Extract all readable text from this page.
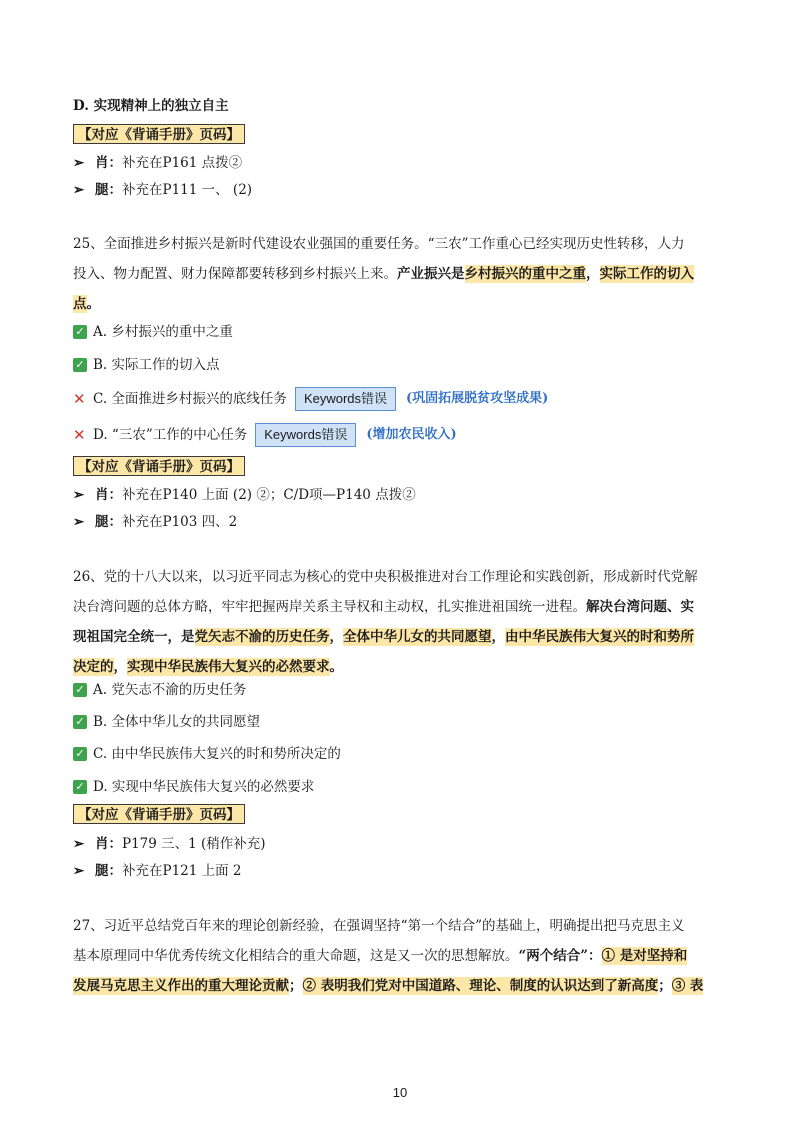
D. 实现精神上的独立自主
【对应《背诵手册》页码】
➢ 肖：补充在P161 点拨②
➢ 腿：补充在P111 一、 (2)
25、全面推进乡村振兴是新时代建设农业强国的重要任务。“三农”工作重心已经实现历史性转移，人力
投入、物力配置、财力保障都要转移到乡村振兴上来。产业振兴是乡村振兴的重中之重，实际工作的切入
点。
✓ A. 乡村振兴的重中之重
✓ B. 实际工作的切入点
✕ C. 全面推进乡村振兴的底线任务	Keywords错误	(巩固拓展脱贫攻坚成果)
✕ D. “三农”工作的中心任务	Keywords错误	(增加农民收入)
【对应《背诵手册》页码】
➢ 肖：补充在P140 上面 (2) ②；C/D项—P140 点拨②
➢ 腿：补充在P103 四、2
26、党的十八大以来，以习近平同志为核心的党中央积极推进对台工作理论和实践创新，形成新时代党解
决台湾问题的总体方略，牢牢把握两岸关系主导权和主动权，扎实推进祖国统一进程。解决台湾问题、实
现祖国完全统一，是党矢志不渝的历史任务，全体中华儿女的共同愿望，由中华民族伟大复兴的时和势所
决定的，实现中华民族伟大复兴的必然要求。
✓ A. 党矢志不渝的历史任务
✓ B. 全体中华儿女的共同愿望
✓ C. 由中华民族伟大复兴的时和势所决定的
✓ D. 实现中华民族伟大复兴的必然要求
【对应《背诵手册》页码】
➢ 肖：P179 三、1 (稍作补充)
➢ 腿：补充在P121 上面 2
27、习近平总结党百年来的理论创新经验，在强调坚持“第一个结合”的基础上，明确提出把马克思主义
基本原理同中华优秀传统文化相结合的重大命题，这是又一次的思想解放。“两个结合”：① 是对坚持和
发展马克思主义作出的重大理论贡献；② 表明我们党对中国道路、理论、制度的认识达到了新高度；③ 表
10
